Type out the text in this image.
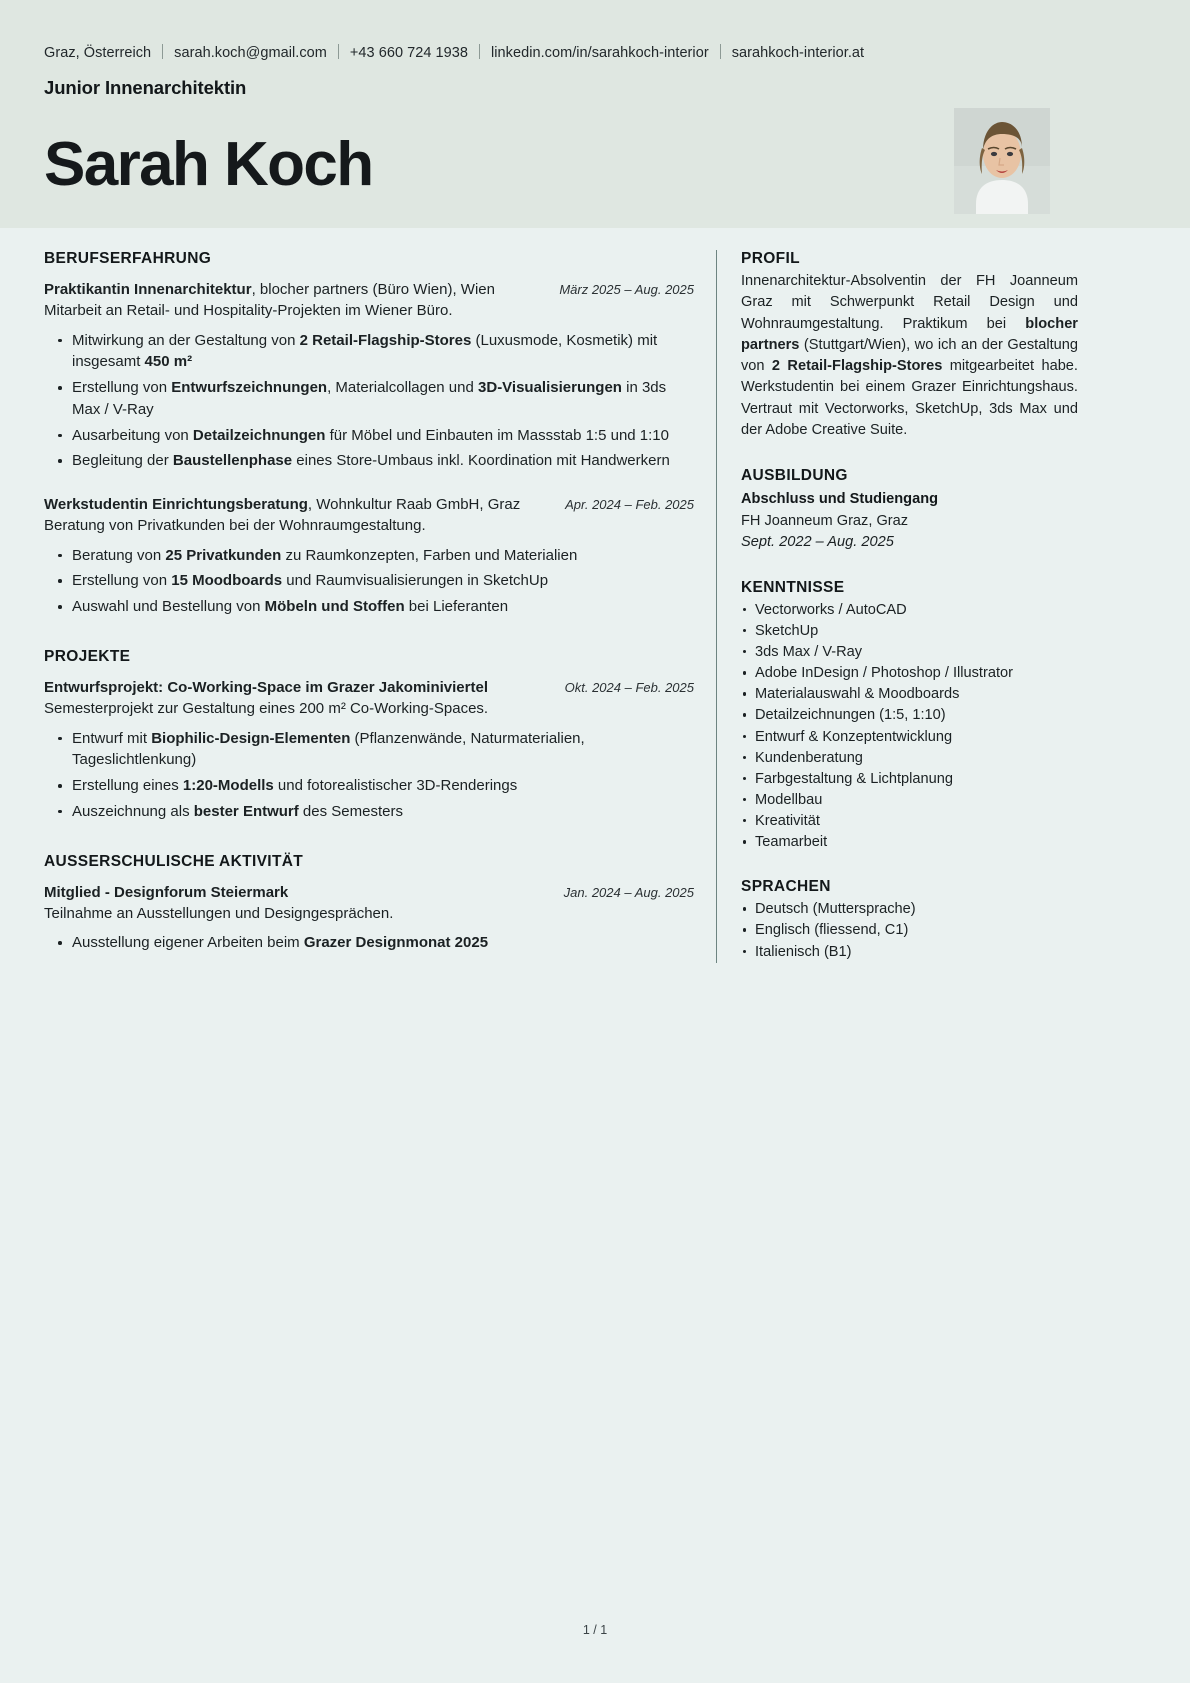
Graz, Österreich	sarah.koch@gmail.com	+43 660 724 1938	linkedin.com/in/sarahkoch-interior	sarahkoch-interior.at
Junior Innenarchitektin
Sarah Koch
BERUFSERFAHRUNG
Praktikantin Innenarchitektur, blocher partners (Büro Wien), Wien	März 2025 – Aug. 2025
Mitarbeit an Retail- und Hospitality-Projekten im Wiener Büro.
Mitwirkung an der Gestaltung von 2 Retail-Flagship-Stores (Luxusmode, Kosmetik) mit insgesamt 450 m²
Erstellung von Entwurfszeichnungen, Materialcollagen und 3D-Visualisierungen in 3ds Max / V-Ray
Ausarbeitung von Detailzeichnungen für Möbel und Einbauten im Massstab 1:5 und 1:10
Begleitung der Baustellenphase eines Store-Umbaus inkl. Koordination mit Handwerkern
Werkstudentin Einrichtungsberatung, Wohnkultur Raab GmbH, Graz	Apr. 2024 – Feb. 2025
Beratung von Privatkunden bei der Wohnraumgestaltung.
Beratung von 25 Privatkunden zu Raumkonzepten, Farben und Materialien
Erstellung von 15 Moodboards und Raumvisualisierungen in SketchUp
Auswahl und Bestellung von Möbeln und Stoffen bei Lieferanten
PROJEKTE
Entwurfsprojekt: Co-Working-Space im Grazer Jakominiviertel	Okt. 2024 – Feb. 2025
Semesterprojekt zur Gestaltung eines 200 m² Co-Working-Spaces.
Entwurf mit Biophilic-Design-Elementen (Pflanzenwände, Naturmaterialien, Tageslichtlenkung)
Erstellung eines 1:20-Modells und fotorealistischer 3D-Renderings
Auszeichnung als bester Entwurf des Semesters
AUSSERSCHULISCHE AKTIVITÄT
Mitglied - Designforum Steiermark	Jan. 2024 – Aug. 2025
Teilnahme an Ausstellungen und Designgesprächen.
Ausstellung eigener Arbeiten beim Grazer Designmonat 2025
PROFIL
Innenarchitektur-Absolventin der FH Joanneum Graz mit Schwerpunkt Retail Design und Wohnraumgestaltung. Praktikum bei blocher partners (Stuttgart/Wien), wo ich an der Gestaltung von 2 Retail-Flagship-Stores mitgearbeitet habe. Werkstudentin bei einem Grazer Einrichtungshaus. Vertraut mit Vectorworks, SketchUp, 3ds Max und der Adobe Creative Suite.
AUSBILDUNG
Abschluss und Studiengang
FH Joanneum Graz, Graz
Sept. 2022 – Aug. 2025
KENNTNISSE
Vectorworks / AutoCAD
SketchUp
3ds Max / V-Ray
Adobe InDesign / Photoshop / Illustrator
Materialauswahl & Moodboards
Detailzeichnungen (1:5, 1:10)
Entwurf & Konzeptentwicklung
Kundenberatung
Farbgestaltung & Lichtplanung
Modellbau
Kreativität
Teamarbeit
SPRACHEN
Deutsch (Muttersprache)
Englisch (fliessend, C1)
Italienisch (B1)
1 / 1
